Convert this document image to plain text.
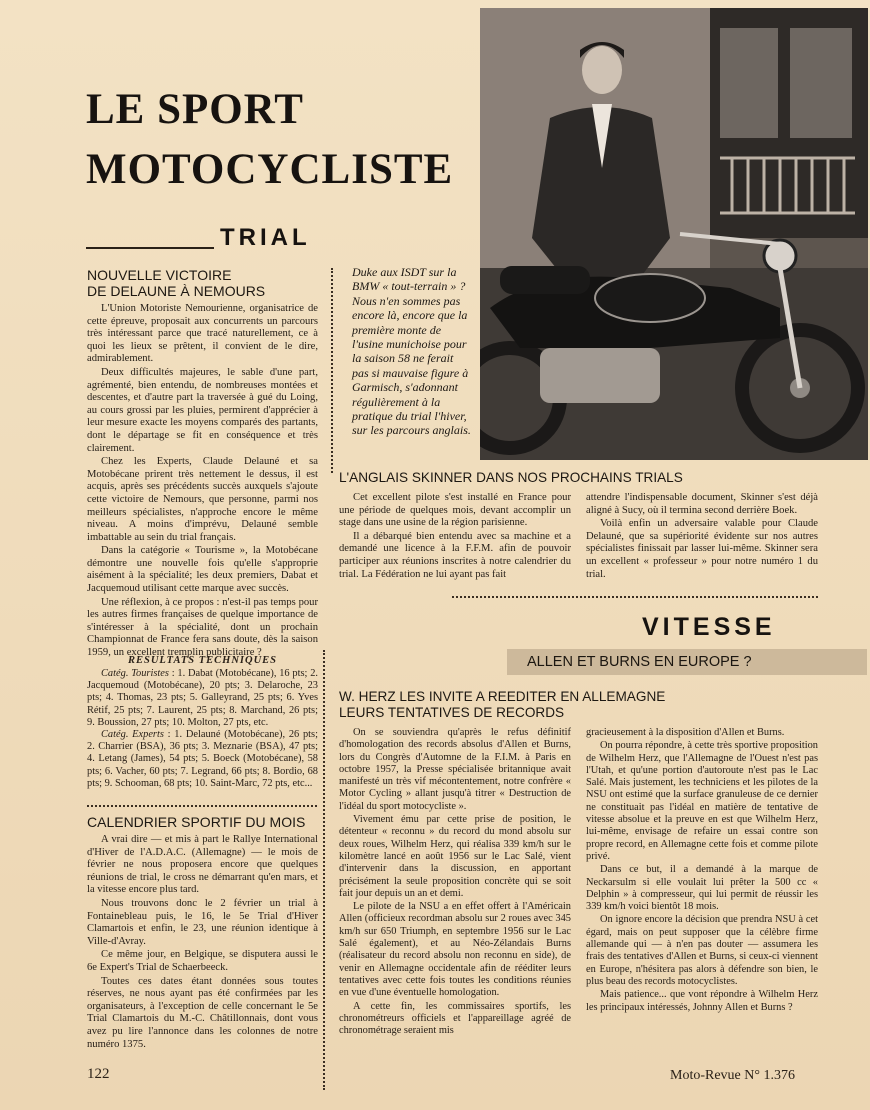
LE SPORT
MOTOCYCLISTE
TRIAL
NOUVELLE VICTOIRE
DE DELAUNE À NEMOURS

L'Union Motoriste Nemourienne, organisatrice de cette épreuve, proposait aux concurrents un parcours très intéressant parce que tracé naturellement, ce à quoi les lieux se prêtent, il convient de le dire, admirablement.

Deux difficultés majeures, le sable d'une part, agrémenté, bien entendu, de nombreuses montées et descentes, et d'autre part la traversée à gué du Loing, au cours grossi par les pluies, permirent d'apprécier à leur mesure exacte les moyens comparés des partants, dont le départage se fit en conséquence et très clairement.

Chez les Experts, Claude Delauné et sa Motobécane prirent très nettement le dessus, il est acquis, après ses précédents succès auxquels s'ajoute cette victoire de Nemours, que personne, parmi nos meilleurs spécialistes, n'approche encore le même niveau. A moins d'imprévu, Delauné semble imbattable au sein du trial français.

Dans la catégorie « Tourisme », la Motobécane démontre une nouvelle fois qu'elle s'approprie aisément à la spécialité; les deux premiers, Dabat et Jacquemoud utilisant cette marque avec succès.

Une réflexion, à ce propos : n'est-il pas temps pour les autres firmes françaises de quelque importance de s'intéresser à la spécialité, dont un prochain Championnat de France fera sans doute, dès la saison 1959, un excellent tremplin publicitaire ?

Duke aux ISDT sur la BMW « tout-terrain » ? Nous n'en sommes pas encore là, encore que la première monte de l'usine munichoise pour la saison 58 ne ferait pas si mauvaise figure à Garmisch, s'adonnant régulièrement à la pratique du trial l'hiver, sur les parcours anglais.
RESULTATS TECHNIQUES
Catég. Touristes : 1. Dabat (Motobécane), 16 pts; 2. Jacquemoud (Motobécane), 20 pts; 3. Delaroche, 23 pts; 4. Thomas, 23 pts; 5. Galleyrand, 25 pts; 6. Yves Rétif, 25 pts; 7. Laurent, 25 pts; 8. Marchand, 26 pts; 9. Boussion, 27 pts; 10. Molton, 27 pts, etc.
Catég. Experts : 1. Delauné (Motobécane), 26 pts; 2. Charrier (BSA), 36 pts; 3. Meznarie (BSA), 47 pts; 4. Letang (James), 54 pts; 5. Boeck (Motobécane), 58 pts; 6. Vacher, 60 pts; 7. Legrand, 66 pts; 8. Bordio, 68 pts; 9. Schooman, 68 pts; 10. Saint-Marc, 72 pts, etc...
CALENDRIER SPORTIF DU MOIS

A vrai dire — et mis à part le Rallye International d'Hiver de l'A.D.A.C. (Allemagne) — le mois de février ne nous proposera encore que quelques réunions de trial, le cross ne démarrant qu'en mars, et la vitesse encore plus tard.

Nous trouvons donc le 2 février un trial à Fontainebleau puis, le 16, le 5e Trial d'Hiver Clamartois et enfin, le 23, une réunion identique à Ville-d'Avray.

Ce même jour, en Belgique, se disputera aussi le 6e Expert's Trial de Schaerbeeck.

Toutes ces dates étant données sous toutes réserves, ne nous ayant pas été confirmées par les organisateurs, à l'exception de celle concernant le 5e Trial Clamartois du M.-C. Châtillonnais, dont vous avez pu lire l'annonce dans les colonnes de notre numéro 1375.

L'ANGLAIS SKINNER DANS NOS PROCHAINS TRIALS

Cet excellent pilote s'est installé en France pour une période de quelques mois, devant accomplir un stage dans une usine de la région parisienne.

Il a débarqué bien entendu avec sa machine et a demandé une licence à la F.F.M. afin de pouvoir participer aux réunions inscrites à notre calendrier du trial. La Fédération ne lui ayant pas fait

attendre l'indispensable document, Skinner s'est déjà aligné à Sucy, où il termina second derrière Boek.

Voilà enfin un adversaire valable pour Claude Delauné, que sa supériorité évidente sur nos autres spécialistes finissait par lasser lui-même. Skinner sera un excellent « professeur » pour notre numéro 1 du trial.

VITESSE
ALLEN ET BURNS EN EUROPE ?
W. HERZ LES INVITE A REEDITER EN ALLEMAGNE
LEURS TENTATIVES DE RECORDS

On se souviendra qu'après le refus définitif d'homologation des records absolus d'Allen et Burns, lors du Congrès d'Automne de la F.I.M. à Paris en octobre 1957, la Presse spécialisée britannique avait manifesté un très vif mécontentement, notre confrère « Motor Cycling » allant jusqu'à titrer « Destruction de l'idéal du sport motocycliste ».

Vivement ému par cette prise de position, le détenteur « reconnu » du record du mond absolu sur deux roues, Wilhelm Herz, qui réalisa 339 km/h sur le kilomètre lancé en août 1956 sur le Lac Salé, vient d'intervenir dans la discussion, en apportant précisément la seule proposition concrète qui se soit fait jour depuis un an et demi.

Le pilote de la NSU a en effet offert à l'Américain Allen (officieux recordman absolu sur 2 roues avec 345 km/h sur 650 Triumph, en septembre 1956 sur le Lac Salé également), et au Néo-Zélandais Burns (réalisateur du record absolu non reconnu en side), de venir en Allemagne occidentale afin de rééditer leurs tentatives avec cette fois toutes les conditions réunies en vue d'une éventuelle homologation.

A cette fin, les commissaires sportifs, les chronométreurs officiels et l'appareillage agréé de chronométrage seraient mis

gracieusement à la disposition d'Allen et Burns.

On pourra répondre, à cette très sportive proposition de Wilhelm Herz, que l'Allemagne de l'Ouest n'est pas l'Utah, et qu'une portion d'autoroute n'est pas le Lac Salé. Mais justement, les techniciens et les pilotes de la NSU ont estimé que la surface granuleuse de ce dernier ne constituait pas l'idéal en matière de tentative de vitesse absolue et la preuve en est que Wilhelm Herz, lui-même, envisage de refaire un essai contre son propre record, en Allemagne cette fois et comme pilote privé.

Dans ce but, il a demandé à la marque de Neckarsulm si elle voulait lui prêter la 500 cc « Delphin » à compresseur, qui lui permit de réussir les 339 km/h voici bientôt 18 mois.

On ignore encore la décision que prendra NSU à cet égard, mais on peut supposer que la célèbre firme allemande qui — à n'en pas douter — assumera les frais des tentatives d'Allen et Burns, si ceux-ci viennent en Europe, n'hésitera pas alors à défendre son bien, le plus beau des records motocyclistes.

Mais patience... que vont répondre à Wilhelm Herz les principaux intéressés, Johnny Allen et Burns ?

122	Moto-Revue N° 1.376
